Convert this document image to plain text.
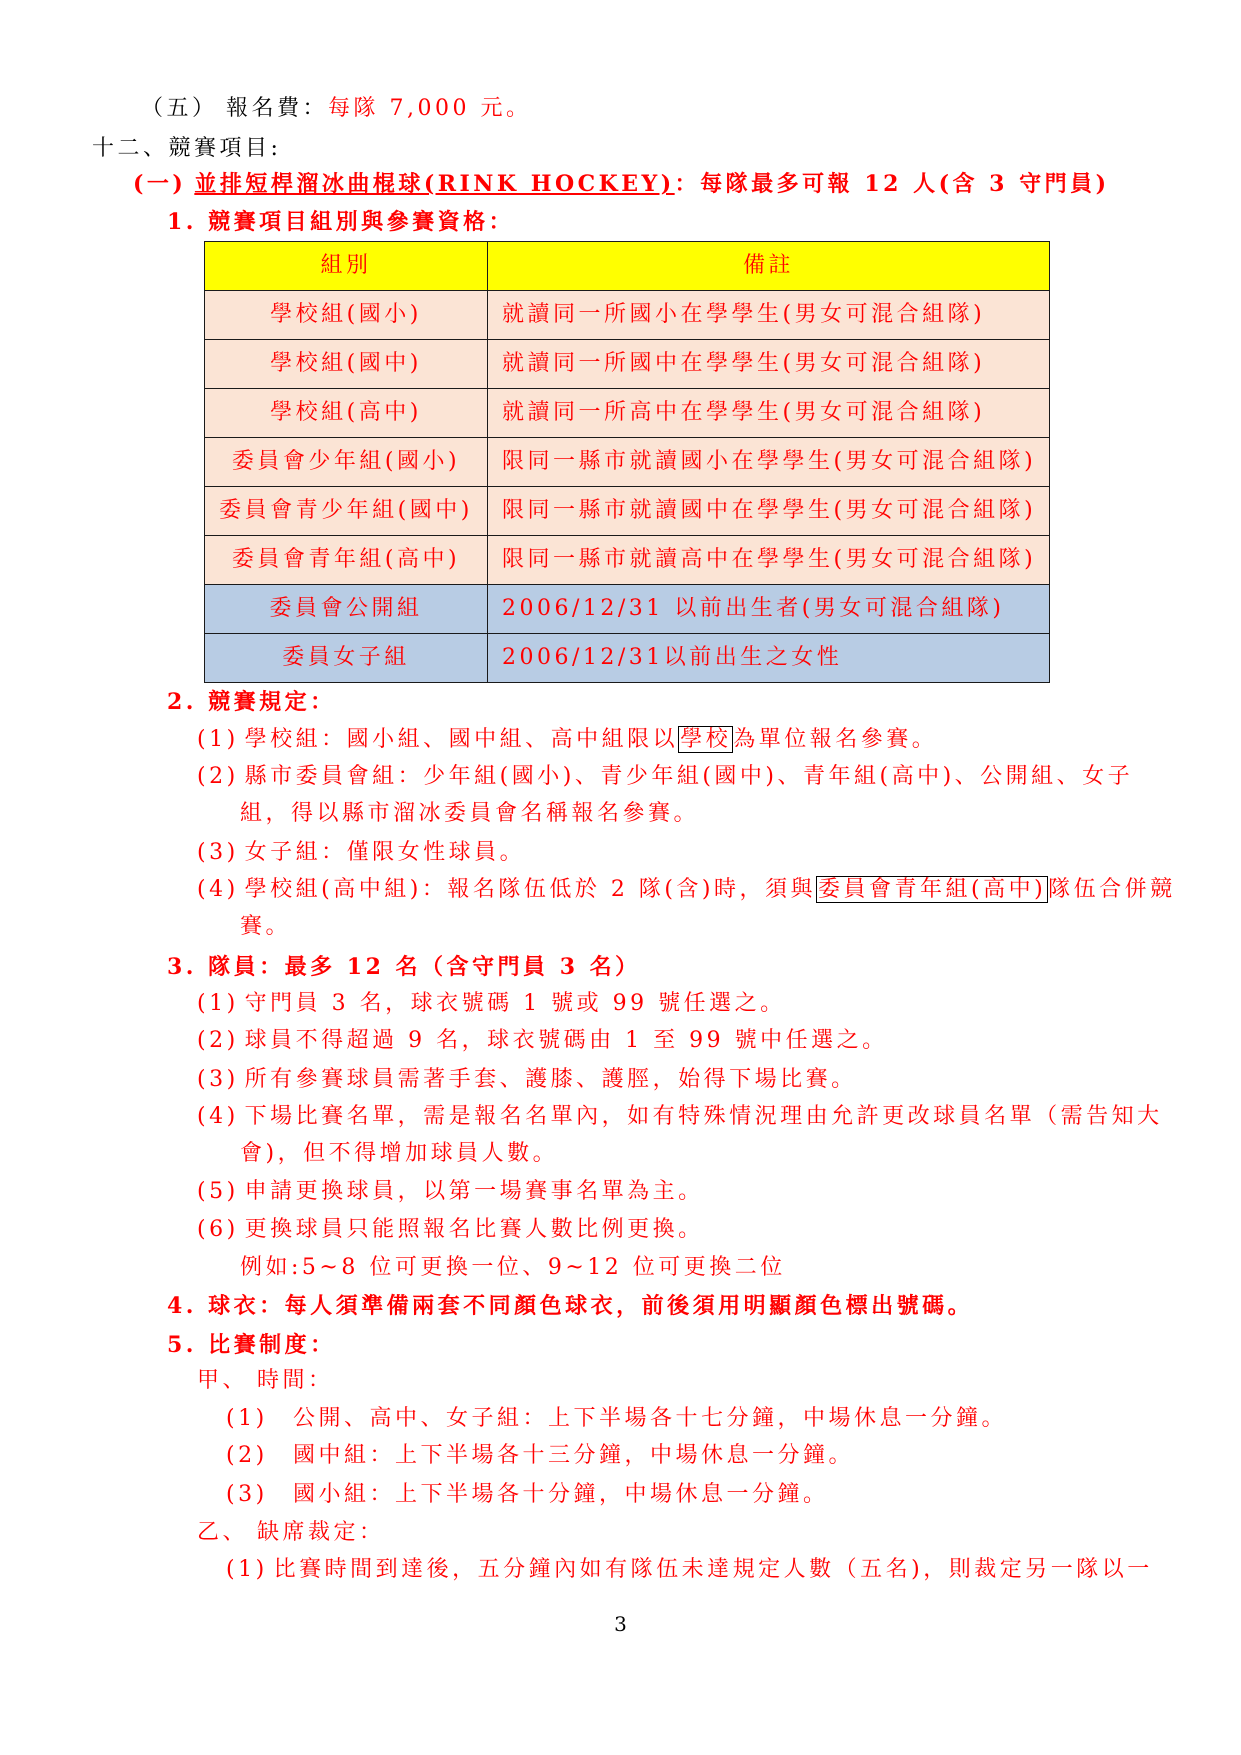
（五） 報名費：每隊 7,000 元。
十二、競賽項目:
(一) 並排短桿溜冰曲棍球(RINK HOCKEY)：每隊最多可報 12 人(含 3 守門員)
1. 競賽項目組別與參賽資格：
組別	備註
學校組(國小)	就讀同一所國小在學學生(男女可混合組隊)
學校組(國中)	就讀同一所國中在學學生(男女可混合組隊)
學校組(高中)	就讀同一所高中在學學生(男女可混合組隊)
委員會少年組(國小)	限同一縣市就讀國小在學學生(男女可混合組隊)
委員會青少年組(國中)	限同一縣市就讀國中在學學生(男女可混合組隊)
委員會青年組(高中)	限同一縣市就讀高中在學學生(男女可混合組隊)
委員會公開組	2006/12/31 以前出生者(男女可混合組隊)
委員女子組	2006/12/31以前出生之女性
2. 競賽規定：
(1) 學校組：國小組、國中組、高中組限以學校為單位報名參賽。
(2) 縣市委員會組：少年組(國小)、青少年組(國中)、青年組(高中)、公開組、女子
組，得以縣市溜冰委員會名稱報名參賽。
(3) 女子組：僅限女性球員。
(4) 學校組(高中組)：報名隊伍低於 2 隊(含)時，須與委員會青年組(高中)隊伍合併競
賽。
3. 隊員：最多 12 名（含守門員 3 名）
(1) 守門員 3 名，球衣號碼 1 號或 99 號任選之。
(2) 球員不得超過 9 名，球衣號碼由 1 至 99 號中任選之。
(3) 所有參賽球員需著手套、護膝、護脛，始得下場比賽。
(4) 下場比賽名單，需是報名名單內，如有特殊情況理由允許更改球員名單（需告知大
會)，但不得增加球員人數。
(5) 申請更換球員，以第一場賽事名單為主。
(6) 更換球員只能照報名比賽人數比例更換。
例如:5~8 位可更換一位、9~12 位可更換二位
4. 球衣：每人須準備兩套不同顏色球衣，前後須用明顯顏色標出號碼。
5. 比賽制度：
甲、 時間：
(1) 公開、高中、女子組：上下半場各十七分鐘，中場休息一分鐘。
(2) 國中組：上下半場各十三分鐘，中場休息一分鐘。
(3) 國小組：上下半場各十分鐘，中場休息一分鐘。
乙、 缺席裁定：
(1) 比賽時間到達後，五分鐘內如有隊伍未達規定人數（五名)，則裁定另一隊以一
3
